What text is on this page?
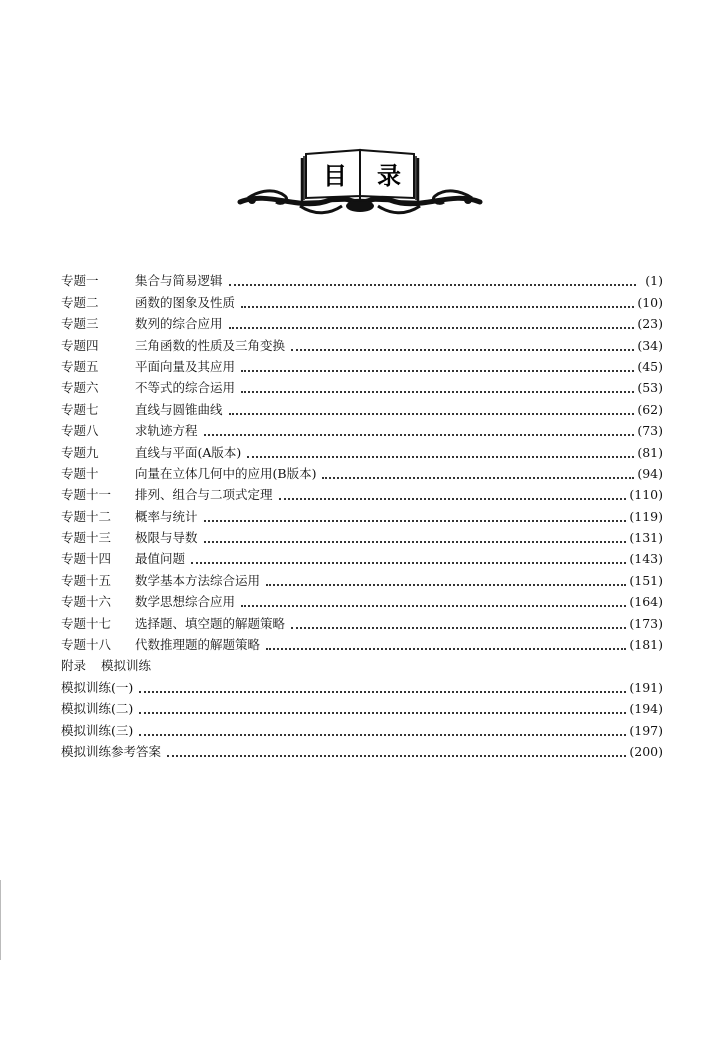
目 录
专题一	集合与简易逻辑	(1)
专题二	函数的图象及性质	(10)
专题三	数列的综合应用	(23)
专题四	三角函数的性质及三角变换	(34)
专题五	平面向量及其应用	(45)
专题六	不等式的综合运用	(53)
专题七	直线与圆锥曲线	(62)
专题八	求轨迹方程	(73)
专题九	直线与平面(A版本)	(81)
专题十	向量在立体几何中的应用(B版本)	(94)
专题十一	排列、组合与二项式定理	(110)
专题十二	概率与统计	(119)
专题十三	极限与导数	(131)
专题十四	最值问题	(143)
专题十五	数学基本方法综合运用	(151)
专题十六	数学思想综合应用	(164)
专题十七	选择题、填空题的解题策略	(173)
专题十八	代数推理题的解题策略	(181)
附录	模拟训练
模拟训练(一)	(191)
模拟训练(二)	(194)
模拟训练(三)	(197)
模拟训练参考答案	(200)
